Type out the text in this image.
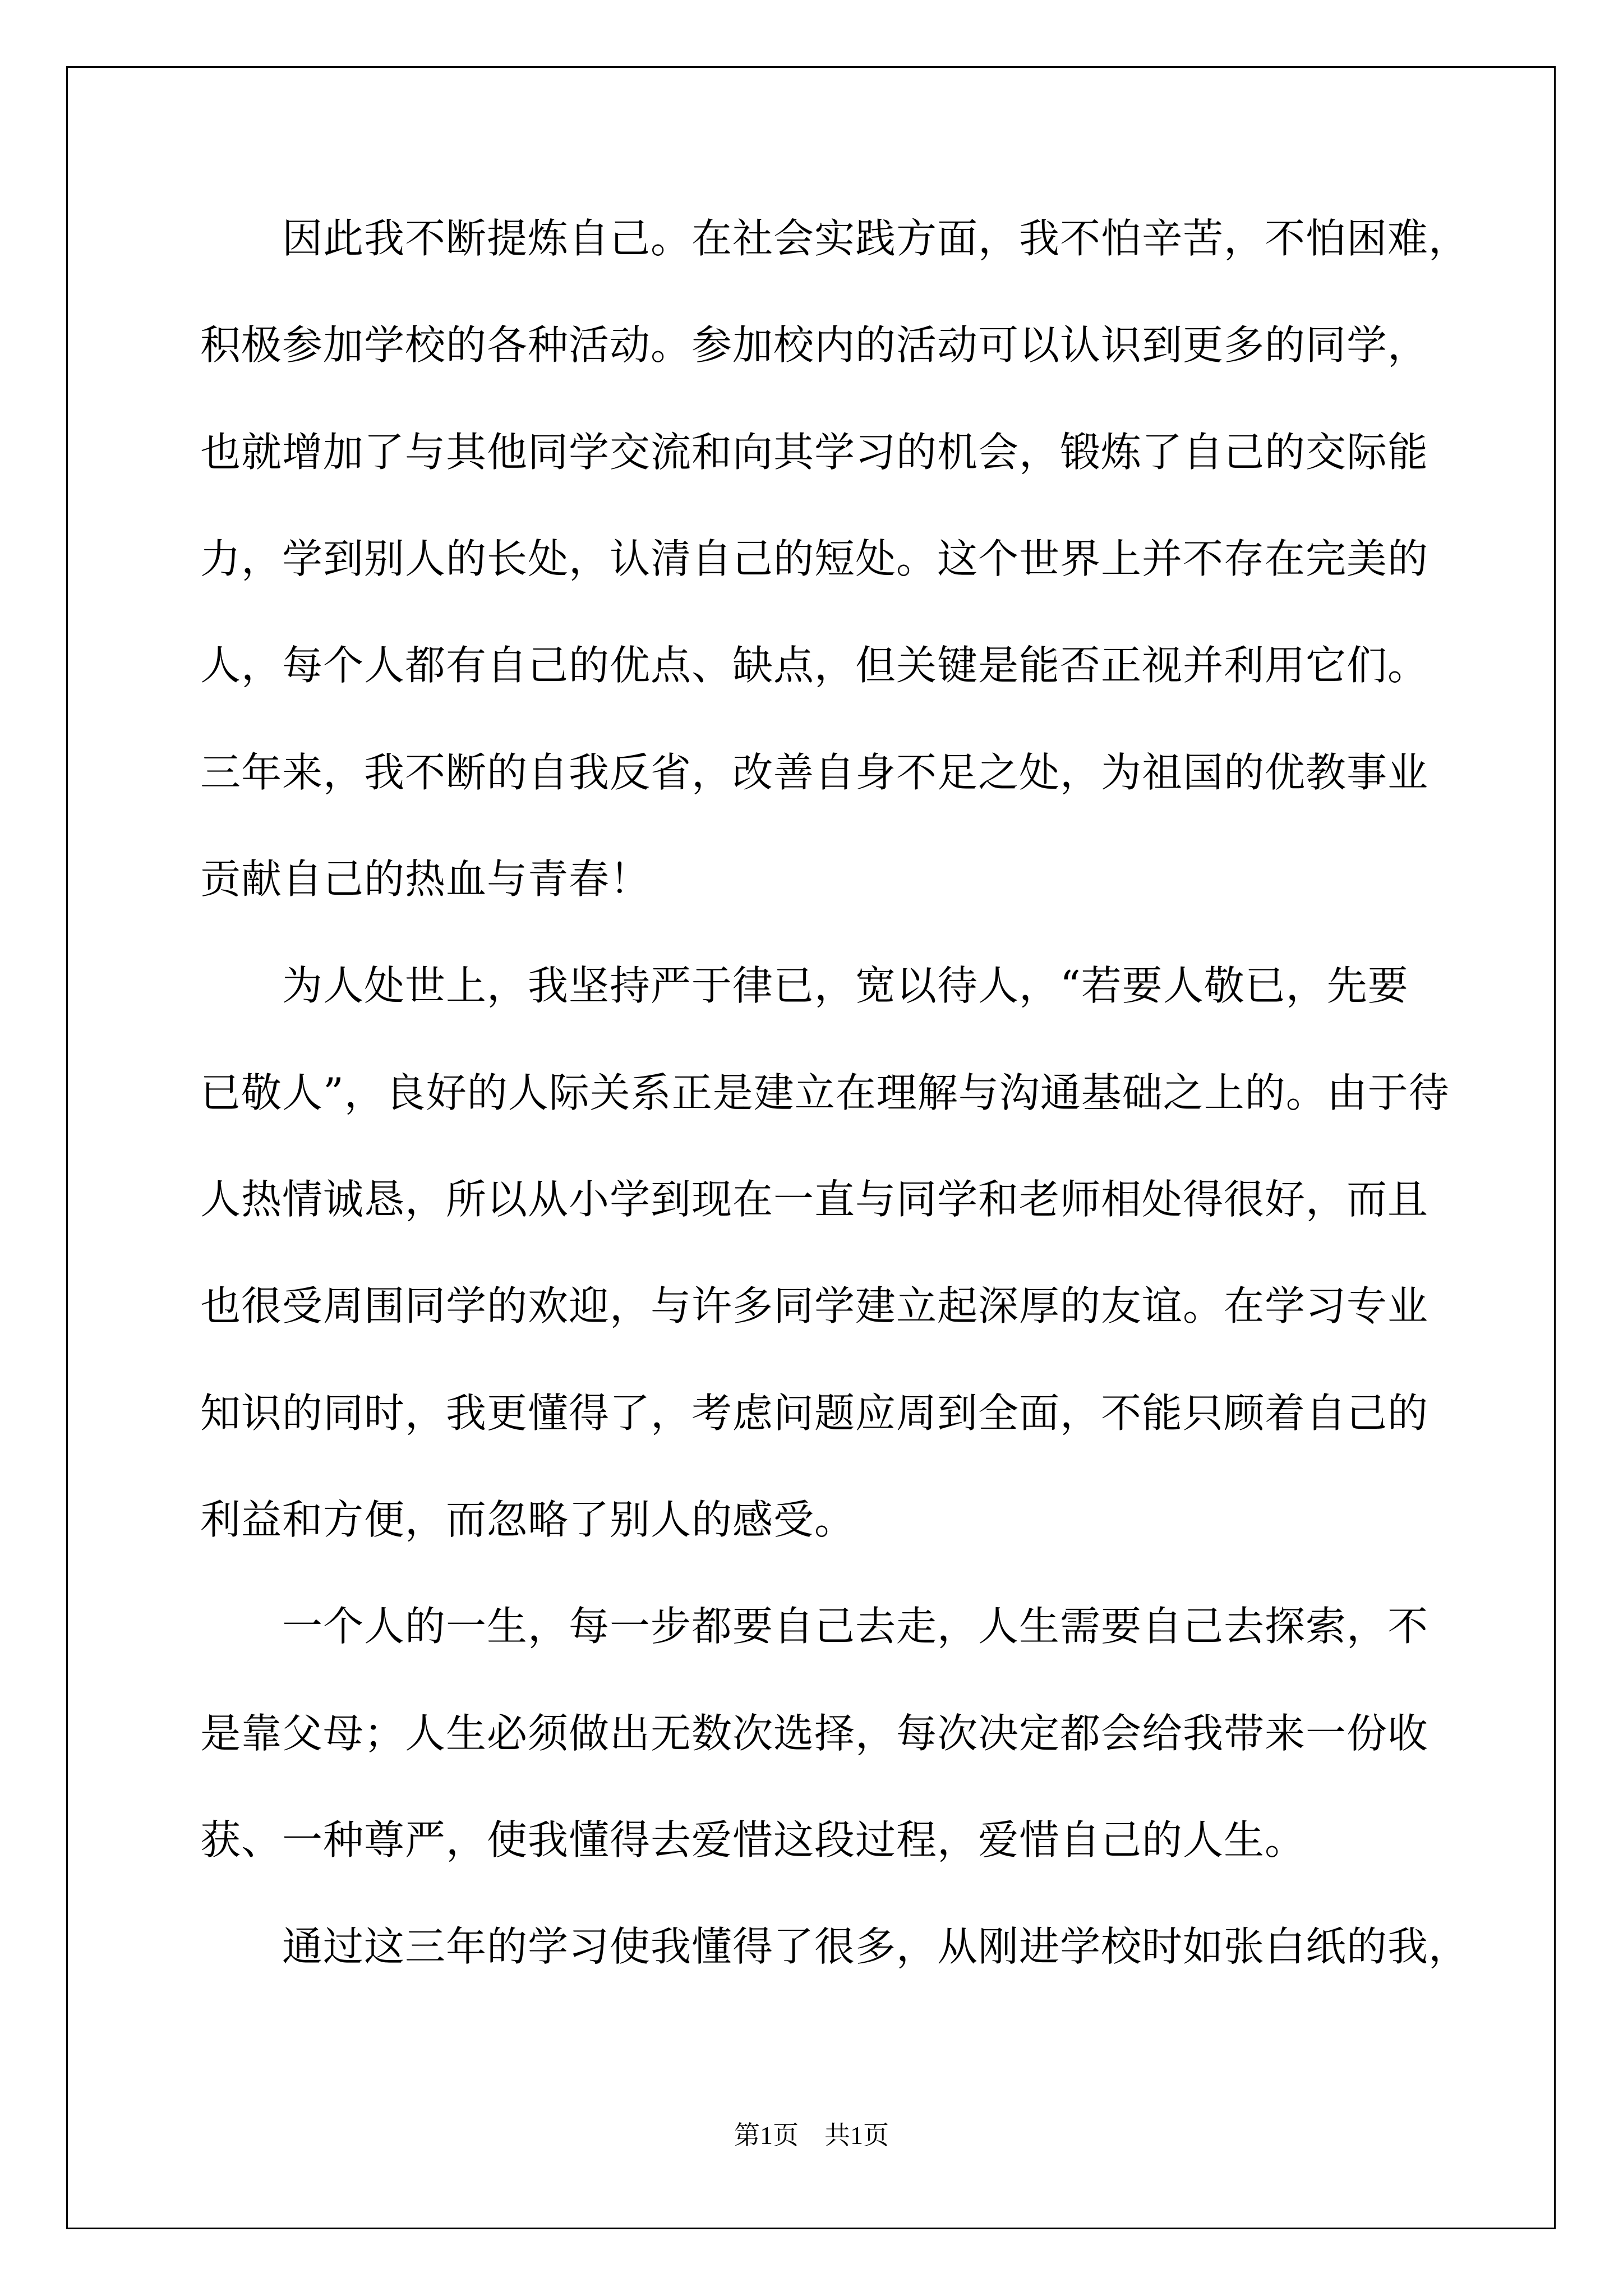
因此我不断提炼自己。在社会实践方面，我不怕辛苦，不怕困难，
积极参加学校的各种活动。参加校内的活动可以认识到更多的同学，
也就增加了与其他同学交流和向其学习的机会，锻炼了自己的交际能
力，学到别人的长处，认清自己的短处。这个世界上并不存在完美的
人，每个人都有自己的优点、缺点，但关键是能否正视并利用它们。
三年来，我不断的自我反省，改善自身不足之处，为祖国的优教事业
贡献自己的热血与青春！
为人处世上，我坚持严于律已，宽以待人，“若要人敬已，先要
已敬人”，良好的人际关系正是建立在理解与沟通基础之上的。由于待
人热情诚恳，所以从小学到现在一直与同学和老师相处得很好，而且
也很受周围同学的欢迎，与许多同学建立起深厚的友谊。在学习专业
知识的同时，我更懂得了，考虑问题应周到全面，不能只顾着自己的
利益和方便，而忽略了别人的感受。
一个人的一生，每一步都要自己去走，人生需要自己去探索，不
是靠父母；人生必须做出无数次选择，每次决定都会给我带来一份收
获、一种尊严，使我懂得去爱惜这段过程，爱惜自己的人生。
通过这三年的学习使我懂得了很多，从刚进学校时如张白纸的我，
第1页 共1页
